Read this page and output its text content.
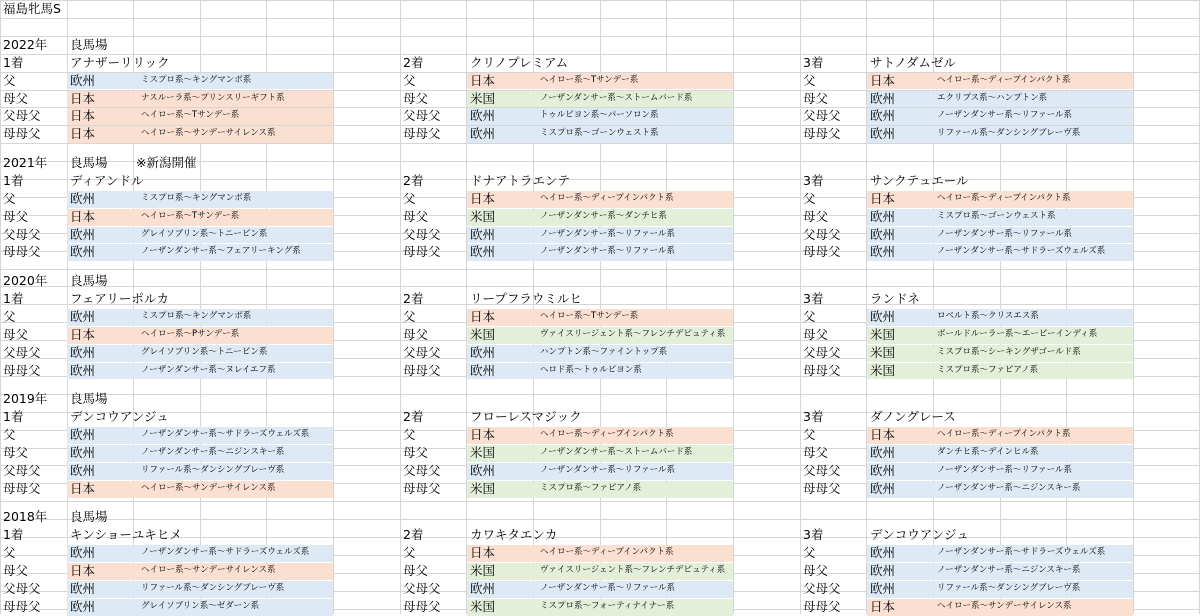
福島牝馬S
2022年	良馬場
1着	アナザーリリック
父	欧州	ミスプロ系～キングマンボ系
母父	日本	ナスルーラ系～プリンスリーギフト系
父母父	日本	ヘイロー系～Tサンデー系
母母父	日本	ヘイロー系～サンデーサイレンス系
2着	クリノプレミアム
父	日本	ヘイロー系～Tサンデー系
母父	米国	ノーザンダンサー系～ストームバード系
父母父	欧州	トゥルビヨン系～パーソロン系
母母父	欧州	ミスプロ系～ゴーンウェスト系
3着	サトノダムゼル
父	日本	ヘイロー系～ディープインパクト系
母父	欧州	エクリプス系～ハンプトン系
父母父	欧州	ノーザンダンサー系～リファール系
母母父	欧州	リファール系～ダンシングブレーヴ系
2021年	良馬場	※新潟開催
1着	ディアンドル
父	欧州	ミスプロ系～キングマンボ系
母父	日本	ヘイロー系～Tサンデー系
父母父	欧州	グレイソブリン系～トニービン系
母母父	欧州	ノーザンダンサー系～フェアリーキング系
2着	ドナアトラエンテ
父	日本	ヘイロー系～ディープインパクト系
母父	米国	ノーザンダンサー系～ダンチヒ系
父母父	欧州	ノーザンダンサー系～リファール系
母母父	欧州	ノーザンダンサー系～リファール系
3着	サンクテュエール
父	日本	ヘイロー系～ディープインパクト系
母父	欧州	ミスプロ系～ゴーンウェスト系
父母父	欧州	ノーザンダンサー系～リファール系
母母父	欧州	ノーザンダンサー系～サドラーズウェルズ系
2020年	良馬場
1着	フェアリーポルカ
父	欧州	ミスプロ系～キングマンボ系
母父	日本	ヘイロー系～Pサンデー系
父母父	欧州	グレイソブリン系～トニービン系
母母父	欧州	ノーザンダンサー系～ヌレイエフ系
2着	リープフラウミルヒ
父	日本	ヘイロー系～Tサンデー系
母父	米国	ヴァイスリージェント系～フレンチデピュティ系
父母父	欧州	ハンプトン系～ファイントップ系
母母父	欧州	ヘロド系～トゥルビヨン系
3着	ランドネ
父	欧州	ロベルト系～クリスエス系
母父	米国	ボールドルーラー系～エーピーインディ系
父母父	米国	ミスプロ系～シーキングザゴールド系
母母父	米国	ミスプロ系～ファピアノ系
2019年	良馬場
1着	デンコウアンジュ
父	欧州	ノーザンダンサー系～サドラーズウェルズ系
母父	欧州	ノーザンダンサー系～ニジンスキー系
父母父	欧州	リファール系～ダンシングブレーヴ系
母母父	日本	ヘイロー系～サンデーサイレンス系
2着	フローレスマジック
父	日本	ヘイロー系～ディープインパクト系
母父	米国	ノーザンダンサー系～ストームバード系
父母父	欧州	ノーザンダンサー系～リファール系
母母父	米国	ミスプロ系～ファピアノ系
3着	ダノングレース
父	日本	ヘイロー系～ディープインパクト系
母父	欧州	ダンチヒ系～デインヒル系
父母父	欧州	ノーザンダンサー系～リファール系
母母父	欧州	ノーザンダンサー系～ニジンスキー系
2018年	良馬場
1着	キンショーユキヒメ
父	欧州	ノーザンダンサー系～サドラーズウェルズ系
母父	日本	ヘイロー系～サンデーサイレンス系
父母父	欧州	リファール系～ダンシングブレーヴ系
母母父	欧州	グレイソブリン系～ゼダーン系
2着	カワキタエンカ
父	日本	ヘイロー系～ディープインパクト系
母父	米国	ヴァイスリージェント系～フレンチデピュティ系
父母父	欧州	ノーザンダンサー系～リファール系
母母父	米国	ミスプロ系～フォーティナイナー系
3着	デンコウアンジュ
父	欧州	ノーザンダンサー系～サドラーズウェルズ系
母父	欧州	ノーザンダンサー系～ニジンスキー系
父母父	欧州	リファール系～ダンシングブレーヴ系
母母父	日本	ヘイロー系～サンデーサイレンス系
